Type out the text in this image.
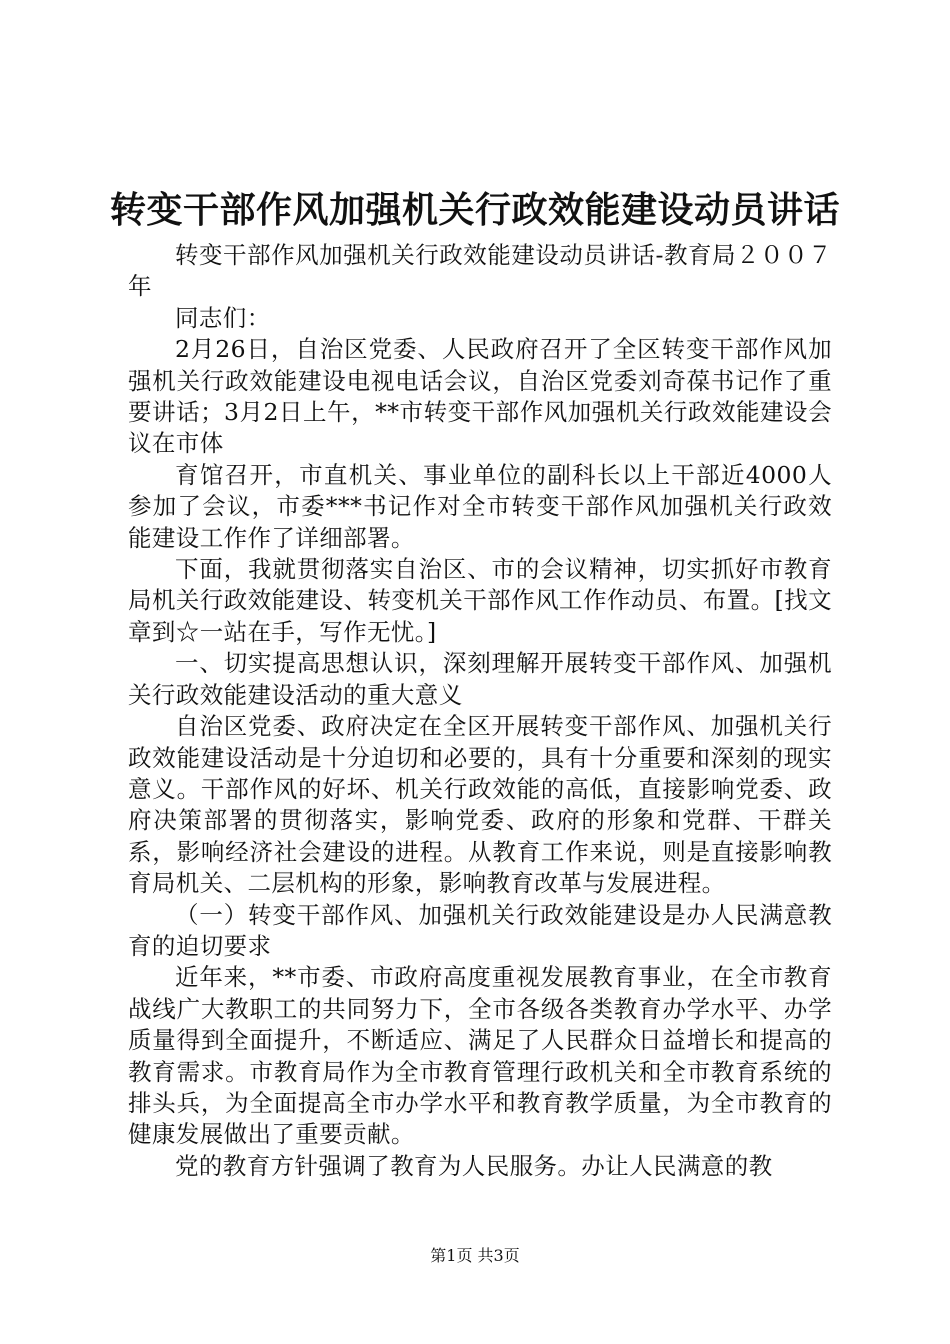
转变干部作风加强机关行政效能建设动员讲话

转变干部作风加强机关行政效能建设动员讲话-教育局２００７年

同志们：

2月26日，自治区党委、人民政府召开了全区转变干部作风加强机关行政效能建设电视电话会议，自治区党委刘奇葆书记作了重要讲话；3月2日上午，**市转变干部作风加强机关行政效能建设会议在市体

育馆召开，市直机关、事业单位的副科长以上干部近4000人参加了会议，市委***书记作对全市转变干部作风加强机关行政效能建设工作作了详细部署。

下面，我就贯彻落实自治区、市的会议精神，切实抓好市教育局机关行政效能建设、转变机关干部作风工作作动员、布置。[找文章到☆一站在手，写作无忧。]

一、切实提高思想认识，深刻理解开展转变干部作风、加强机关行政效能建设活动的重大意义

自治区党委、政府决定在全区开展转变干部作风、加强机关行政效能建设活动是十分迫切和必要的，具有十分重要和深刻的现实意义。干部作风的好坏、机关行政效能的高低，直接影响党委、政府决策部署的贯彻落实，影响党委、政府的形象和党群、干群关系，影响经济社会建设的进程。从教育工作来说，则是直接影响教育局机关、二层机构的形象，影响教育改革与发展进程。

（一）转变干部作风、加强机关行政效能建设是办人民满意教育的迫切要求

近年来，**市委、市政府高度重视发展教育事业，在全市教育战线广大教职工的共同努力下，全市各级各类教育办学水平、办学质量得到全面提升，不断适应、满足了人民群众日益增长和提高的教育需求。市教育局作为全市教育管理行政机关和全市教育系统的排头兵，为全面提高全市办学水平和教育教学质量，为全市教育的健康发展做出了重要贡献。

党的教育方针强调了教育为人民服务。办让人民满意的教

第1页 共3页
